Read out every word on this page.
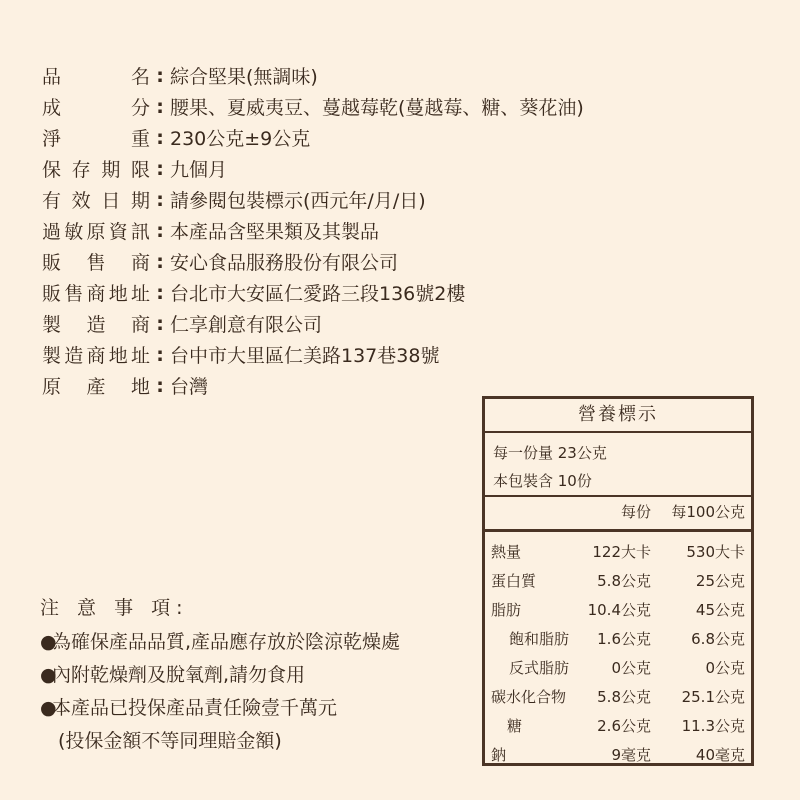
品	名 : 綜合堅果(無調味)
成	分 : 腰果、夏威夷豆、蔓越莓乾(蔓越莓、糖、葵花油)
淨	重 : 230公克±9公克
保 存 期 限 : 九個月
有 效 日 期 : 請參閱包裝標示(西元年/月/日)
過 敏 原 資 訊 : 本產品含堅果類及其製品
販 售 商 : 安心食品服務股份有限公司
販 售 商 地 址 : 台北市大安區仁愛路三段136號2樓
製 造 商 : 仁享創意有限公司
製 造 商 地 址 : 台中市大里區仁美路137巷38號
原 產 地 : 台灣
注 意 事 項:
●為確保產品品質,產品應存放於陰涼乾燥處
●內附乾燥劑及脫氧劑,請勿食用
●本產品已投保產品責任險壹千萬元
(投保金額不等同理賠金額)
營養標示
每一份量 23公克
本包裝含 10份
每份	每100公克
熱量	122大卡	530大卡
蛋白質	5.8公克	25公克
脂肪	10.4公克	45公克
飽和脂肪	1.6公克	6.8公克
反式脂肪	0公克	0公克
碳水化合物	5.8公克	25.1公克
糖	2.6公克	11.3公克
鈉	9毫克	40毫克
